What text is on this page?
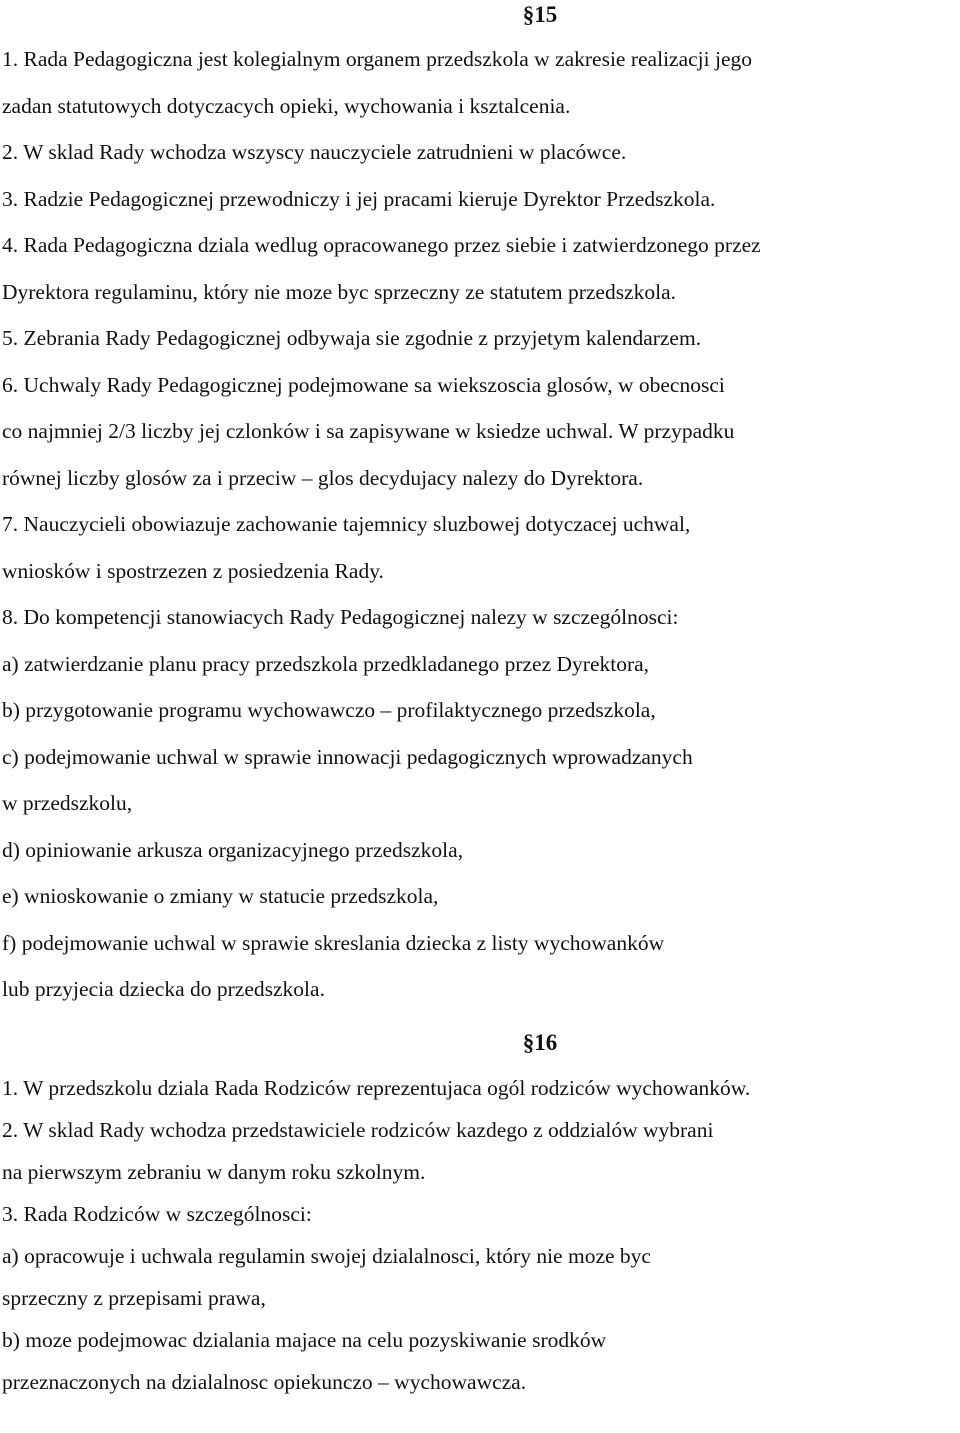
§15

1. Rada Pedagogiczna jest kolegialnym organem przedszkola w zakresie realizacji jego

zadan statutowych dotyczacych opieki, wychowania i ksztalcenia.

2. W sklad Rady wchodza wszyscy nauczyciele zatrudnieni w placówce.

3. Radzie Pedagogicznej przewodniczy i jej pracami kieruje Dyrektor Przedszkola.

4. Rada Pedagogiczna dziala wedlug opracowanego przez siebie i zatwierdzonego przez

Dyrektora regulaminu, który nie moze byc sprzeczny ze statutem przedszkola.

5. Zebrania Rady Pedagogicznej odbywaja sie zgodnie z przyjetym kalendarzem.

6. Uchwaly Rady Pedagogicznej podejmowane sa wiekszoscia glosów, w obecnosci

co najmniej 2/3 liczby jej czlonków i sa zapisywane w ksiedze uchwal. W przypadku

równej liczby glosów za i przeciw – glos decydujacy nalezy do Dyrektora.

7. Nauczycieli obowiazuje zachowanie tajemnicy sluzbowej dotyczacej uchwal,

wniosków i spostrzezen z posiedzenia Rady.

8. Do kompetencji stanowiacych Rady Pedagogicznej nalezy w szczególnosci:

a) zatwierdzanie planu pracy przedszkola przedkladanego przez Dyrektora,

b) przygotowanie programu wychowawczo – profilaktycznego przedszkola,

c) podejmowanie uchwal w sprawie innowacji pedagogicznych wprowadzanych

w przedszkolu,

d) opiniowanie arkusza organizacyjnego przedszkola,

e) wnioskowanie o zmiany w statucie przedszkola,

f) podejmowanie uchwal w sprawie skreslania dziecka z listy wychowanków

lub przyjecia dziecka do przedszkola.

§16

1. W przedszkolu dziala Rada Rodziców reprezentujaca ogól rodziców wychowanków.

2. W sklad Rady wchodza przedstawiciele rodziców kazdego z oddzialów wybrani

na pierwszym zebraniu w danym roku szkolnym.

3. Rada Rodziców w szczególnosci:

a) opracowuje i uchwala regulamin swojej dzialalnosci, który nie moze byc

sprzeczny z przepisami prawa,

b) moze podejmowac dzialania majace na celu pozyskiwanie srodków

przeznaczonych na dzialalnosc opiekunczo – wychowawcza.
